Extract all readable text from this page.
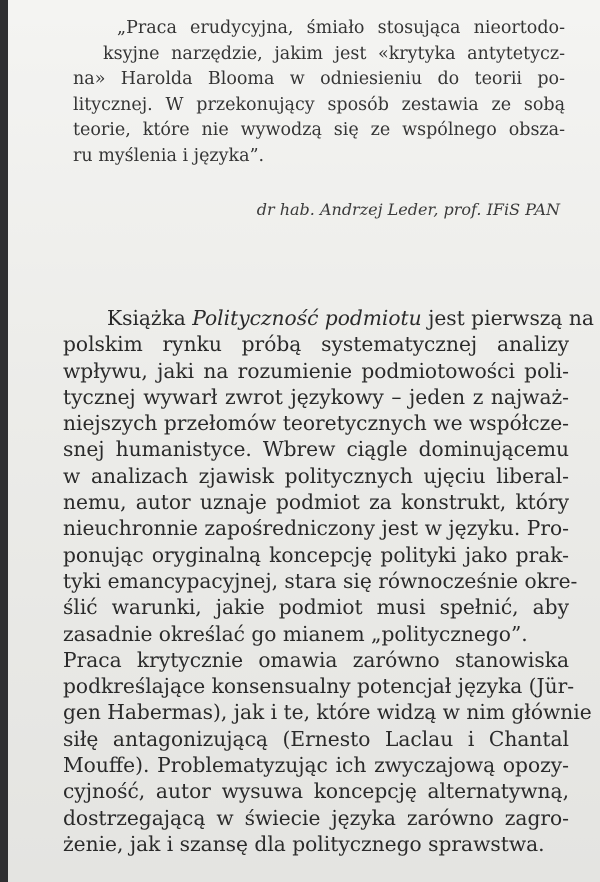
„Praca erudycyjna, śmiało stosująca nieortodo-
ksyjne narzędzie, jakim jest «krytyka antytetycz-
na» Harolda Blooma w odniesieniu do teorii po-
litycznej. W przekonujący sposób zestawia ze sobą
teorie, które nie wywodzą się ze wspólnego obsza-
ru myślenia i języka”.
dr hab. Andrzej Leder, prof. IFiS PAN
Książka Polityczność podmiotu jest pierwszą na
polskim rynku próbą systematycznej analizy
wpływu, jaki na rozumienie podmiotowości poli-
tycznej wywarł zwrot językowy – jeden z najważ-
niejszych przełomów teoretycznych we współcze-
snej humanistyce. Wbrew ciągle dominującemu
w analizach zjawisk politycznych ujęciu liberal-
nemu, autor uznaje podmiot za konstrukt, który
nieuchronnie zapośredniczony jest w języku. Pro-
ponując oryginalną koncepcję polityki jako prak-
tyki emancypacyjnej, stara się równocześnie okre-
ślić warunki, jakie podmiot musi spełnić, aby
zasadnie określać go mianem „politycznego”.
Praca krytycznie omawia zarówno stanowiska
podkreślające konsensualny potencjał języka (Jür-
gen Habermas), jak i te, które widzą w nim głównie
siłę antagonizującą (Ernesto Laclau i Chantal
Mouffe). Problematyzując ich zwyczajową opozy-
cyjność, autor wysuwa koncepcję alternatywną,
dostrzegającą w świecie języka zarówno zagro-
żenie, jak i szansę dla politycznego sprawstwa.
